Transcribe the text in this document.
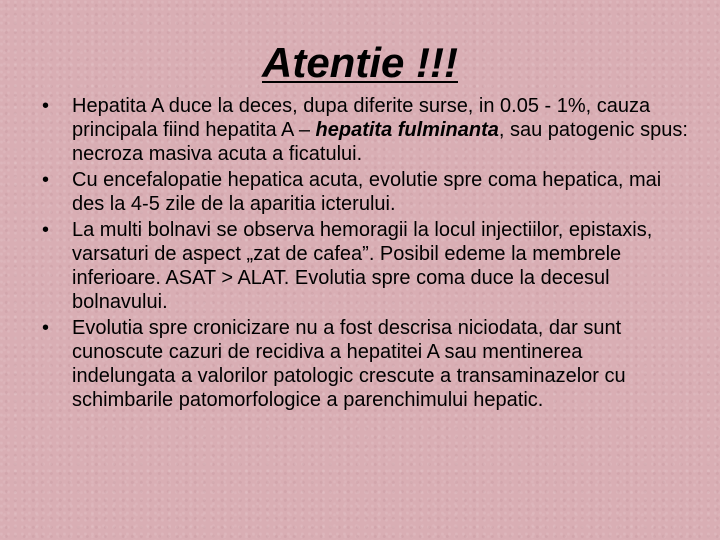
Atentie !!!
• Hepatita A duce la deces, dupa diferite surse, in 0.05 - 1%, cauza principala fiind hepatita A – hepatita fulminanta, sau patogenic spus: necroza masiva acuta a ficatului.
• Cu encefalopatie hepatica acuta, evolutie spre coma hepatica, mai des la 4-5 zile de la aparitia icterului.
• La multi bolnavi se observa hemoragii la locul injectiilor, epistaxis, varsaturi de aspect „zat de cafea”. Posibil edeme la membrele inferioare. ASAT > ALAT. Evolutia spre coma duce la decesul bolnavului.
• Evolutia spre cronicizare nu a fost descrisa niciodata, dar sunt cunoscute cazuri de recidiva a hepatitei A sau mentinerea indelungata a valorilor patologic crescute a transaminazelor cu schimbarile patomorfologice a parenchimului hepatic.
